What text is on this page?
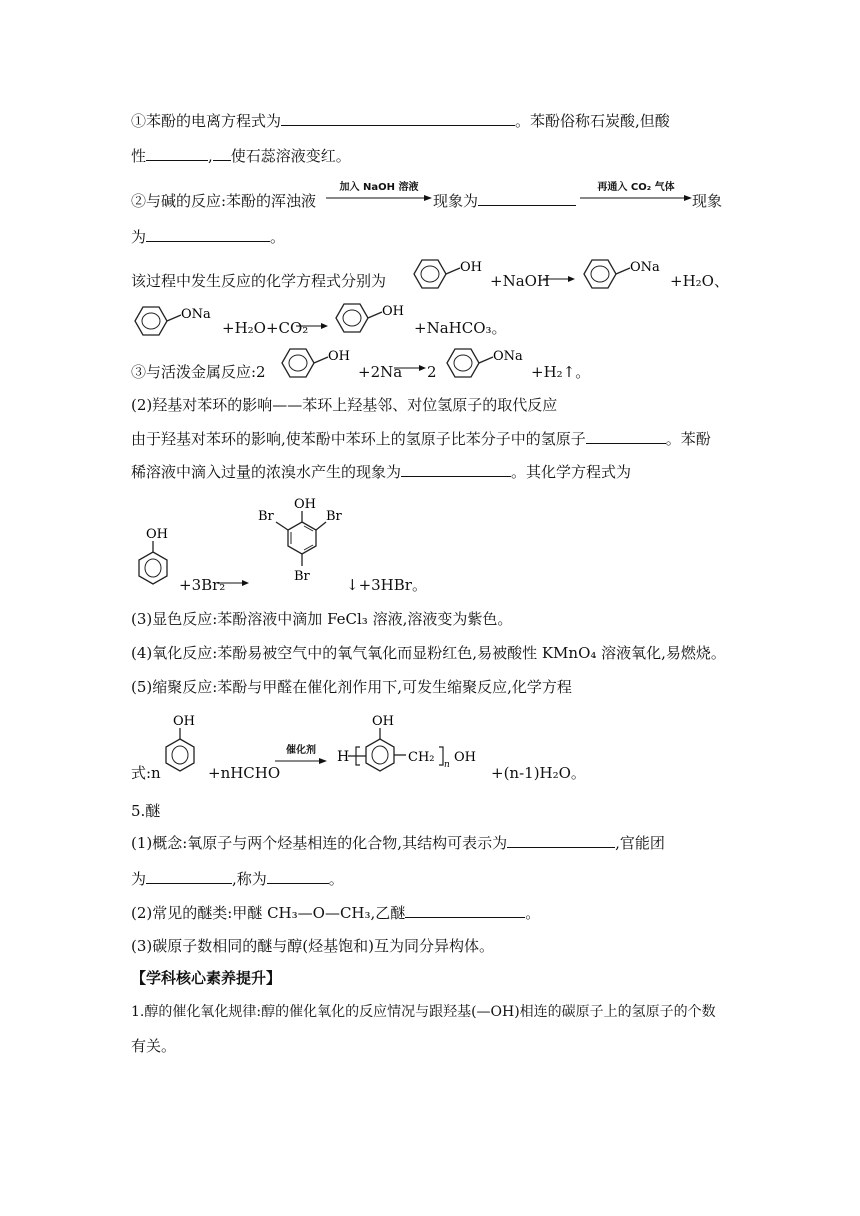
①苯酚的电离方程式为	。苯酚俗称石炭酸,但酸
性	, 使石蕊溶液变红。
②与碱的反应:苯酚的浑浊液
加入 NaOH 溶液
现象为
再通入 CO₂ 气体
现象
为	。
该过程中发生反应的化学方程式分别为
OH
+NaOH
ONa
+H₂O、
ONa
+H₂O+CO₂
OH
+NaHCO₃。
③与活泼金属反应:2
OH
+2Na → 2
ONa
+H₂↑。
(2)羟基对苯环的影响——苯环上羟基邻、对位氢原子的取代反应
由于羟基对苯环的影响,使苯酚中苯环上的氢原子比苯分子中的氢原子	。苯酚
稀溶液中滴入过量的浓溴水产生的现象为	。其化学方程式为
OH
+3Br₂
OH
Br	Br
Br ↓+3HBr。
(3)显色反应:苯酚溶液中滴加 FeCl₃ 溶液,溶液变为紫色。
(4)氧化反应:苯酚易被空气中的氧气氧化而显粉红色,易被酸性 KMnO₄ 溶液氧化,易燃烧。
(5)缩聚反应:苯酚与甲醛在催化剂作用下,可发生缩聚反应,化学方程
式:n
OH
+nHCHO
催化剂	H
OH
CH₂ n OH
+(n-1)H₂O。
5.醚
(1)概念:氧原子与两个烃基相连的化合物,其结构可表示为	,官能团
为	,称为	。
(2)常见的醚类:甲醚 CH₃—O—CH₃,乙醚	。
(3)碳原子数相同的醚与醇(烃基饱和)互为同分异构体。
【学科核心素养提升】
1.醇的催化氧化规律:醇的催化氧化的反应情况与跟羟基(—OH)相连的碳原子上的氢原子的个数
有关。
